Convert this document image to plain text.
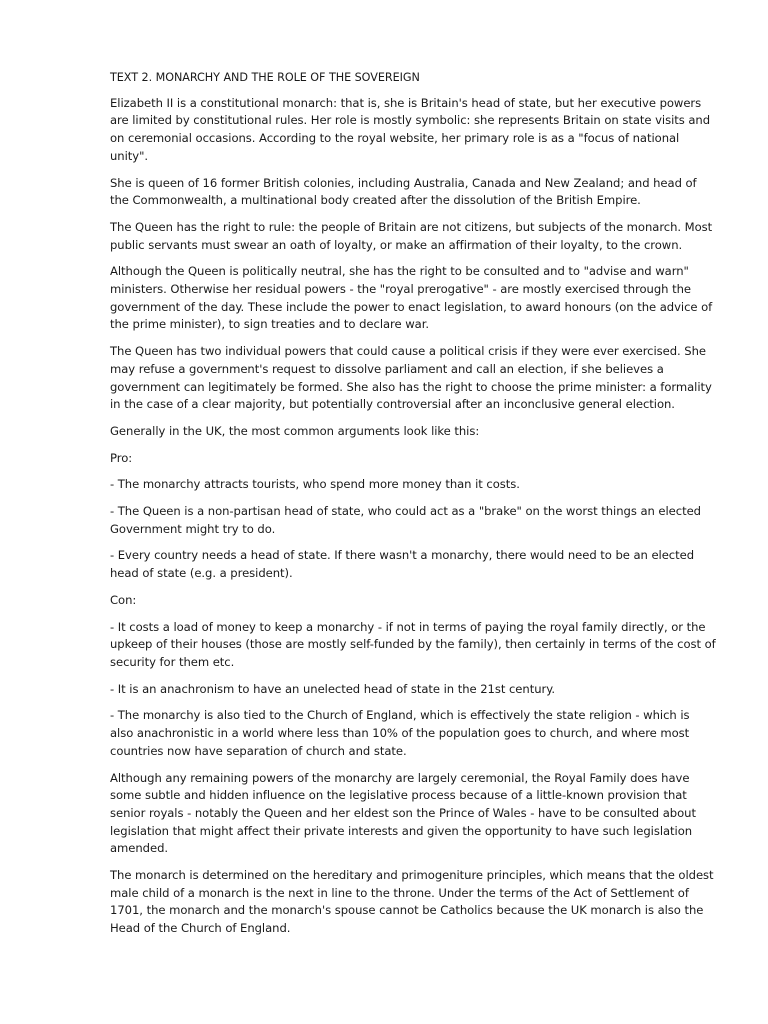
TEXT 2. MONARCHY AND THE ROLE OF THE SOVEREIGN

Elizabeth II is a constitutional monarch: that is, she is Britain's head of state, but her executive powers are limited by constitutional rules. Her role is mostly symbolic: she represents Britain on state visits and on ceremonial occasions. According to the royal website, her primary role is as a "focus of national unity".

She is queen of 16 former British colonies, including Australia, Canada and New Zealand; and head of the Commonwealth, a multinational body created after the dissolution of the British Empire.

The Queen has the right to rule: the people of Britain are not citizens, but subjects of the monarch. Most public servants must swear an oath of loyalty, or make an affirmation of their loyalty, to the crown.

Although the Queen is politically neutral, she has the right to be consulted and to "advise and warn" ministers. Otherwise her residual powers - the "royal prerogative" - are mostly exercised through the government of the day. These include the power to enact legislation, to award honours (on the advice of the prime minister), to sign treaties and to declare war.

The Queen has two individual powers that could cause a political crisis if they were ever exercised. She may refuse a government's request to dissolve parliament and call an election, if she believes a government can legitimately be formed. She also has the right to choose the prime minister: a formality in the case of a clear majority, but potentially controversial after an inconclusive general election.

Generally in the UK, the most common arguments look like this:

Pro:

- The monarchy attracts tourists, who spend more money than it costs.

- The Queen is a non-partisan head of state, who could act as a "brake" on the worst things an elected Government might try to do.

- Every country needs a head of state. If there wasn't a monarchy, there would need to be an elected head of state (e.g. a president).

Con:

- It costs a load of money to keep a monarchy - if not in terms of paying the royal family directly, or the upkeep of their houses (those are mostly self-funded by the family), then certainly in terms of the cost of security for them etc.

- It is an anachronism to have an unelected head of state in the 21st century.

- The monarchy is also tied to the Church of England, which is effectively the state religion - which is also anachronistic in a world where less than 10% of the population goes to church, and where most countries now have separation of church and state.

Although any remaining powers of the monarchy are largely ceremonial, the Royal Family does have some subtle and hidden influence on the legislative process because of a little-known provision that senior royals - notably the Queen and her eldest son the Prince of Wales - have to be consulted about legislation that might affect their private interests and given the opportunity to have such legislation amended.

The monarch is determined on the hereditary and primogeniture principles, which means that the oldest male child of a monarch is the next in line to the throne. Under the terms of the Act of Settlement of 1701, the monarch and the monarch's spouse cannot be Catholics because the UK monarch is also the Head of the Church of England.
